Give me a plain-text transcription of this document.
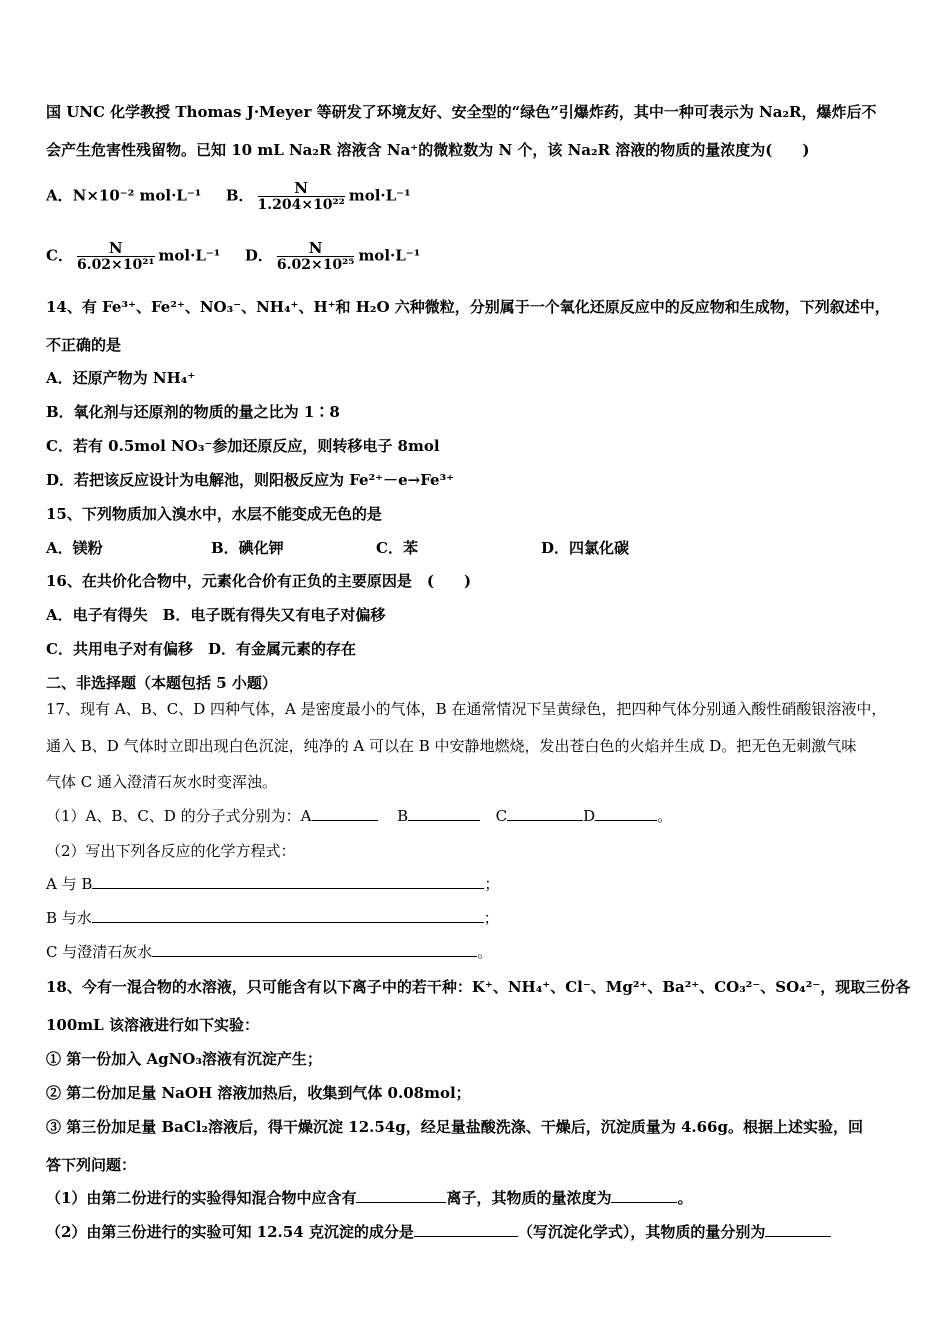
国 UNC 化学教授 Thomas J·Meyer 等研发了环境友好、安全型的“绿色”引爆炸药，其中一种可表示为 Na₂R，爆炸后不
会产生危害性残留物。已知 10 mL Na₂R 溶液含 Na⁺的微粒数为 N 个，该 Na₂R 溶液的物质的量浓度为(　　)
A．N×10⁻² mol·L⁻¹ B． $\frac{N}{\text{1.204×10²²}} mol\cdot L^{-1}$
C． $\frac{N}{\text{6.02×10²¹}} mol\cdot L^{-1}$ D． $\frac{N}{\text{6.02×10²⁵}} mol\cdot L^{-1}$
14、有 Fe³⁺、Fe²⁺、NO₃⁻、NH₄⁺、H⁺和 H₂O 六种微粒，分别属于一个氧化还原反应中的反应物和生成物，下列叙述中，
不正确的是
A．还原产物为 NH₄⁺
B．氧化剂与还原剂的物质的量之比为 1∶8
C．若有 0.5mol NO₃⁻参加还原反应，则转移电子 8mol
D．若把该反应设计为电解池，则阳极反应为 Fe²⁺－e→Fe³⁺
15、下列物质加入溴水中，水层不能变成无色的是
A．镁粉	B．碘化钾	C．苯	D．四氯化碳
16、在共价化合物中，元素化合价有正负的主要原因是　(　　)
A．电子有得失　B．电子既有得失又有电子对偏移
C．共用电子对有偏移　D．有金属元素的存在
二、非选择题（本题包括 5 小题）
17、现有 A、B、C、D 四种气体，A 是密度最小的气体，B 在通常情况下呈黄绿色，把四种气体分别通入酸性硝酸银溶液中，
通入 B、D 气体时立即出现白色沉淀，纯净的 A 可以在 B 中安静地燃烧，发出苍白色的火焰并生成 D。把无色无刺激气味
气体 C 通入澄清石灰水时变浑浊。
（1）A、B、C、D 的分子式分别为：A	B	C	D	。
（2）写出下列各反应的化学方程式：
A 与 B	；
B 与水	；
C 与澄清石灰水	。
18、今有一混合物的水溶液，只可能含有以下离子中的若干种：K⁺、NH₄⁺、Cl⁻、Mg²⁺、Ba²⁺、CO₃²⁻、SO₄²⁻，现取三份各
100mL 该溶液进行如下实验：
① 第一份加入 AgNO₃溶液有沉淀产生；
② 第二份加足量 NaOH 溶液加热后，收集到气体 0.08mol；
③ 第三份加足量 BaCl₂溶液后，得干燥沉淀 12.54g，经足量盐酸洗涤、干燥后，沉淀质量为 4.66g。根据上述实验，回
答下列问题：
（1）由第二份进行的实验得知混合物中应含有	离子，其物质的量浓度为	。
（2）由第三份进行的实验可知 12.54 克沉淀的成分是	（写沉淀化学式），其物质的量分别为
